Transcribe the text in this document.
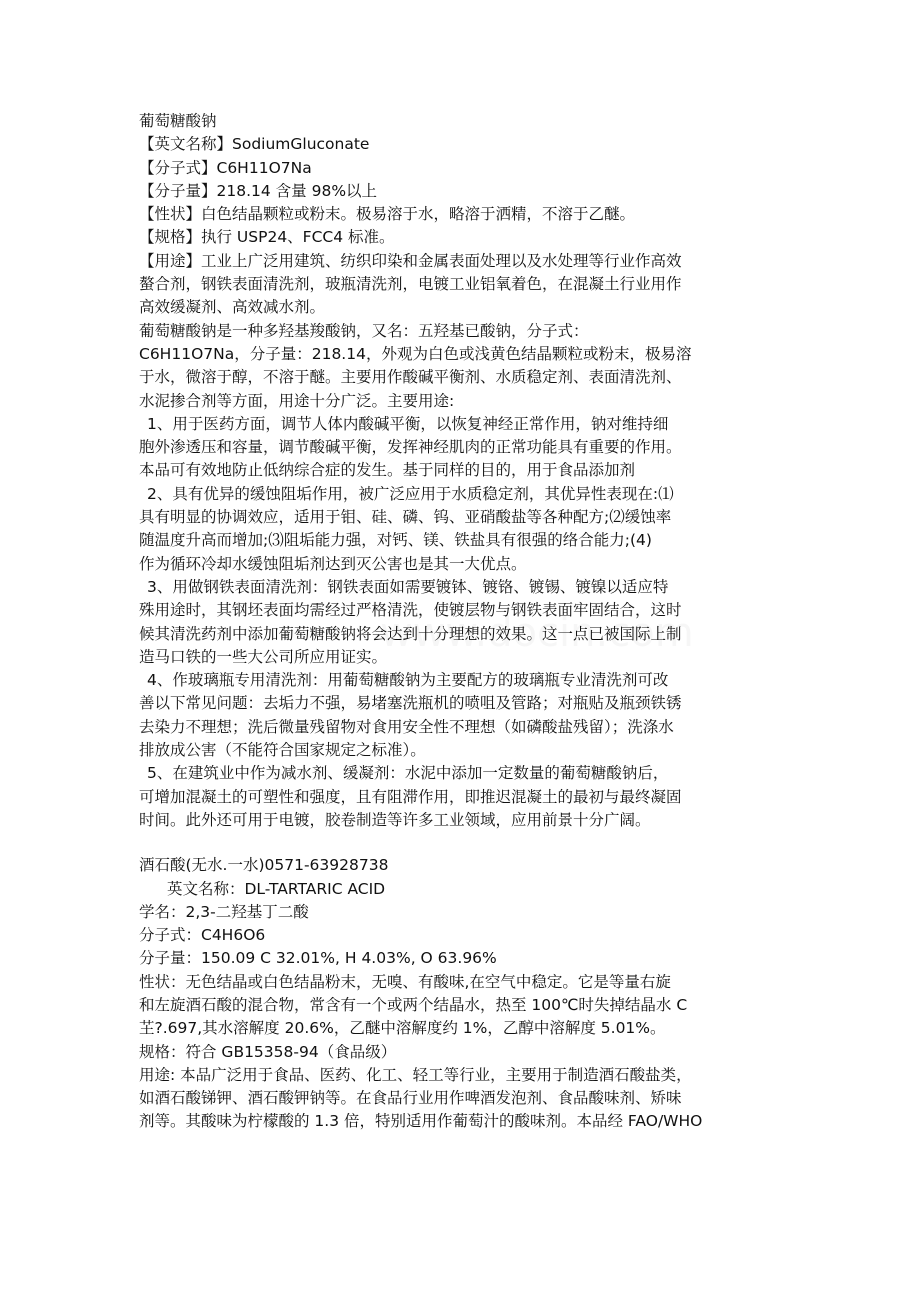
葡萄糖酸钠
【英文名称】SodiumGluconate
【分子式】C6H11O7Na
【分子量】218.14 含量 98%以上
【性状】白色结晶颗粒或粉末。极易溶于水，略溶于洒精，不溶于乙醚。
【规格】执行 USP24、FCC4 标准。
【用途】工业上广泛用建筑、纺织印染和金属表面处理以及水处理等行业作高效
螯合剂，钢铁表面清洗剂，玻瓶清洗剂，电镀工业铝氧着色，在混凝土行业用作
高效缓凝剂、高效减水剂。
葡萄糖酸钠是一种多羟基羧酸钠，又名：五羟基已酸钠，分子式：
C6H11O7Na，分子量：218.14，外观为白色或浅黄色结晶颗粒或粉末，极易溶
于水，微溶于醇，不溶于醚。主要用作酸碱平衡剂、水质稳定剂、表面清洗剂、
水泥掺合剂等方面，用途十分广泛。主要用途:
1、用于医药方面，调节人体内酸碱平衡，以恢复神经正常作用，钠对维持细
胞外渗透压和容量，调节酸碱平衡，发挥神经肌肉的正常功能具有重要的作用。
本品可有效地防止低纳综合症的发生。基于同样的目的，用于食品添加剂
2、具有优异的缓蚀阻垢作用，被广泛应用于水质稳定剂，其优异性表现在:⑴
具有明显的协调效应，适用于钼、硅、磷、钨、亚硝酸盐等各种配方;⑵缓蚀率
随温度升高而增加;⑶阻垢能力强，对钙、镁、铁盐具有很强的络合能力;(4)
作为循环冷却水缓蚀阻垢剂达到灭公害也是其一大优点。
3、用做钢铁表面清洗剂：钢铁表面如需要镀钵、镀铬、镀锡、镀镍以适应特
殊用途时，其钢坯表面均需经过严格清洗，使镀层物与钢铁表面牢固结合，这时
候其清洗药剂中添加葡萄糖酸钠将会达到十分理想的效果。这一点已被国际上制
造马口铁的一些大公司所应用证实。
4、作玻璃瓶专用清洗剂：用葡萄糖酸钠为主要配方的玻璃瓶专业清洗剂可改
善以下常见问题：去垢力不强，易堵塞洗瓶机的喷咀及管路；对瓶贴及瓶颈铁锈
去染力不理想；洗后微量残留物对食用安全性不理想（如磷酸盐残留）；洗涤水
排放成公害（不能符合国家规定之标准）。
5、在建筑业中作为减水剂、缓凝剂：水泥中添加一定数量的葡萄糖酸钠后，
可增加混凝土的可塑性和强度，且有阻滞作用，即推迟混凝土的最初与最终凝固
时间。此外还可用于电镀，胶卷制造等许多工业领域，应用前景十分广阔。
酒石酸(无水.一水)0571-63928738
英文名称：DL-TARTARIC ACID
学名：2,3-二羟基丁二酸
分子式：C4H6O6
分子量：150.09 C 32.01%, H 4.03%, O 63.96%
性状：无色结晶或白色结晶粉末，无嗅、有酸味,在空气中稳定。它是等量右旋
和左旋酒石酸的混合物，常含有一个或两个结晶水，热至 100℃时失掉结晶水 C
芏?.697,其水溶解度 20.6%，乙醚中溶解度约 1%，乙醇中溶解度 5.01%。
规格：符合 GB15358-94（食品级）
用途: 本品广泛用于食品、医药、化工、轻工等行业，主要用于制造酒石酸盐类，
如酒石酸锑钾、酒石酸钾钠等。在食品行业用作啤酒发泡剂、食品酸味剂、矫味
剂等。其酸味为柠檬酸的 1.3 倍，特别适用作葡萄汁的酸味剂。本品经 FAO/WHO
